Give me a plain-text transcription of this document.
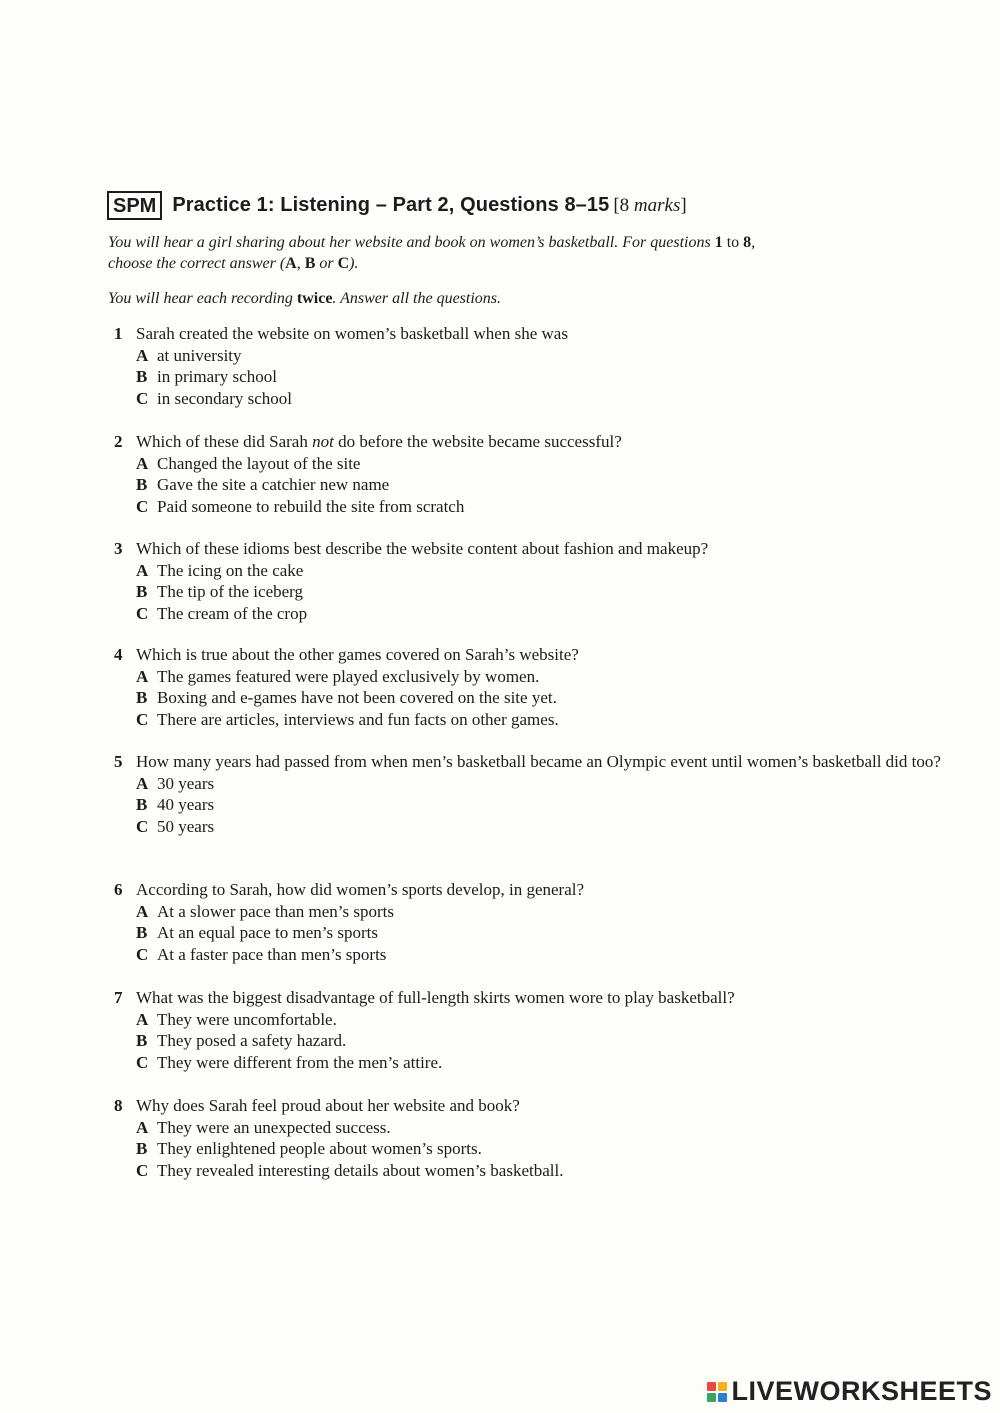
SPM Practice 1: Listening – Part 2, Questions 8–15 [8 marks]
You will hear a girl sharing about her website and book on women’s basketball. For questions 1 to 8,
choose the correct answer (A, B or C).
You will hear each recording twice. Answer all the questions.
1 Sarah created the website on women’s basketball when she was
A at university
B in primary school
C in secondary school
2 Which of these did Sarah not do before the website became successful?
A Changed the layout of the site
B Gave the site a catchier new name
C Paid someone to rebuild the site from scratch
3 Which of these idioms best describe the website content about fashion and makeup?
A The icing on the cake
B The tip of the iceberg
C The cream of the crop
4 Which is true about the other games covered on Sarah’s website?
A The games featured were played exclusively by women.
B Boxing and e-games have not been covered on the site yet.
C There are articles, interviews and fun facts on other games.
5 How many years had passed from when men’s basketball became an Olympic event until women’s basketball did too?
A 30 years
B 40 years
C 50 years
6 According to Sarah, how did women’s sports develop, in general?
A At a slower pace than men’s sports
B At an equal pace to men’s sports
C At a faster pace than men’s sports
7 What was the biggest disadvantage of full-length skirts women wore to play basketball?
A They were uncomfortable.
B They posed a safety hazard.
C They were different from the men’s attire.
8 Why does Sarah feel proud about her website and book?
A They were an unexpected success.
B They enlightened people about women’s sports.
C They revealed interesting details about women’s basketball.
LIVEWORKSHEETS
